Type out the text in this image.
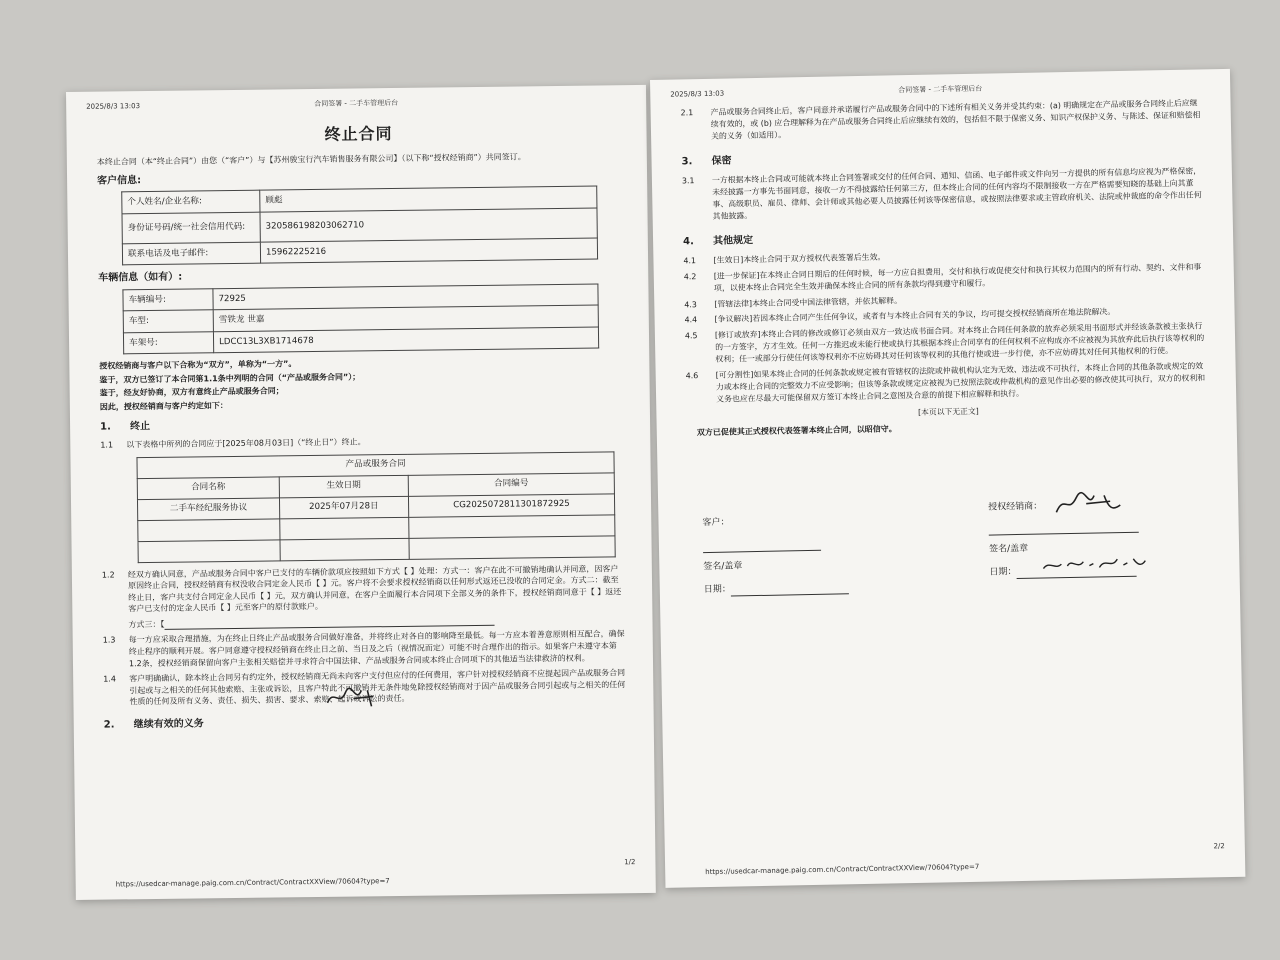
2025/8/3 13:03	合同签署 - 二手车管理后台
终止合同

本终止合同（本“终止合同”）由您（“客户”）与【苏州骏宝行汽车销售服务有限公司】（以下称“授权经销商”）共同签订。

客户信息:
个人姓名/企业名称:	顾彪
身份证号码/统一社会信用代码:	320586198203062710
联系电话及电子邮件:	15962225216
车辆信息（如有）:
车辆编号:	72925
车型:	雪铁龙 世嘉
车架号:	LDCC13L3XB1714678

授权经销商与客户以下合称为“双方”，单称为“一方”。

鉴于，双方已签订了本合同第1.1条中列明的合同（“产品或服务合同”）；

鉴于，经友好协商，双方有意终止产品或服务合同；

因此，授权经销商与客户约定如下：

1.	终止
1.1	以下表格中所列的合同应于[2025年08月03日]（“终止日”）终止。
产品或服务合同		
合同名称	生效日期	合同编号
二手车经纪服务协议	2025年07月28日	CG2025072811301872925

1.2	经双方确认同意，产品或服务合同中客户已支付的车辆价款项应按照如下方式【 】处理：方式一：客户在此不可撤销地确认并同意，因客户原因终止合同，授权经销商有权没收合同定金人民币【 】元。客户将不会要求授权经销商以任何形式返还已没收的合同定金。方式二：截至终止日，客户共支付合同定金人民币【 】元，双方确认并同意，在客户全面履行本合同项下全部义务的条件下，授权经销商同意于【 】返还客户已支付的定金人民币【 】元至客户的原付款账户。
方式三：【
1.3	每一方应采取合理措施，为在终止日终止产品或服务合同做好准备，并将终止对各自的影响降至最低。每一方应本着善意原则相互配合，确保终止程序的顺利开展。客户同意遵守授权经销商在终止日之前、当日及之后（视情况而定）可能不时合理作出的指示。如果客户未遵守本第1.2条，授权经销商保留向客户主张相关赔偿并寻求符合中国法律、产品或服务合同或本终止合同项下的其他适当法律救济的权利。
1.4	客户明确确认，除本终止合同另有约定外，授权经销商无尚未向客户支付但应付的任何费用，客户针对授权经销商不应提起因产品或服务合同引起或与之相关的任何其他索赔、主张或诉讼，且客户特此不可撤销并无条件地免除授权经销商对于因产品或服务合同引起或与之相关的任何性质的任何及所有义务、责任、损失、损害、要求、索赔、起诉或诉讼的责任。
2.	继续有效的义务
1/2
https://usedcar-manage.paig.com.cn/Contract/ContractXXView/70604?type=7
2025/8/3 13:03	合同签署 - 二手车管理后台
2.1	产品或服务合同终止后，客户同意并承诺履行产品或服务合同中的下述所有相关义务并受其约束：(a) 明确规定在产品或服务合同终止后应继续有效的，或 (b) 应合理解释为在产品或服务合同终止后应继续有效的，包括但不限于保密义务、知识产权保护义务、与陈述、保证和赔偿相关的义务（如适用）。
3.	保密
3.1	一方根据本终止合同或可能就本终止合同签署或交付的任何合同、通知、信函、电子邮件或文件向另一方提供的所有信息均应视为严格保密，未经披露一方事先书面同意，接收一方不得披露给任何第三方，但本终止合同的任何内容均不限制接收一方在严格需要知晓的基础上向其董事、高级职员、雇员、律师、会计师或其他必要人员披露任何该等保密信息，或按照法律要求或主管政府机关、法院或仲裁庭的命令作出任何其他披露。
4.	其他规定
4.1	[生效日]本终止合同于双方授权代表签署后生效。
4.2	[进一步保证]在本终止合同日期后的任何时候，每一方应自担费用，交付和执行或促使交付和执行其权力范围内的所有行动、契约、文件和事项，以使本终止合同完全生效并确保本终止合同的所有条款均得到遵守和履行。
4.3	[管辖法律]本终止合同受中国法律管辖，并依其解释。
4.4	[争议解决]若因本终止合同产生任何争议，或者有与本终止合同有关的争议，均可提交授权经销商所在地法院解决。
4.5	[修订或放弃]本终止合同的修改或修订必须由双方一致达成书面合同。对本终止合同任何条款的放弃必须采用书面形式并经该条款被主张执行的一方签字，方才生效。任何一方推迟或未能行使或执行其根据本终止合同享有的任何权利不应构成亦不应被视为其放弃此后执行该等权利的权利；任一或部分行使任何该等权利亦不应妨碍其对任何该等权利的其他行使或进一步行使，亦不应妨碍其对任何其他权利的行使。
4.6	[可分割性]如果本终止合同的任何条款或规定被有管辖权的法院或仲裁机构认定为无效、违法或不可执行，本终止合同的其他条款或规定的效力或本终止合同的完整效力不应受影响；但该等条款或规定应被视为已按照法院或仲裁机构的意见作出必要的修改使其可执行，双方的权利和义务也应在尽最大可能保留双方签订本终止合同之意图及合意的前提下相应解释和执行。

[本页以下无正文]

双方已促使其正式授权代表签署本终止合同，以昭信守。

客户：
签名/盖章
日期：
授权经销商：
签名/盖章
日期：
2/2
https://usedcar-manage.paig.com.cn/Contract/ContractXXView/70604?type=7
